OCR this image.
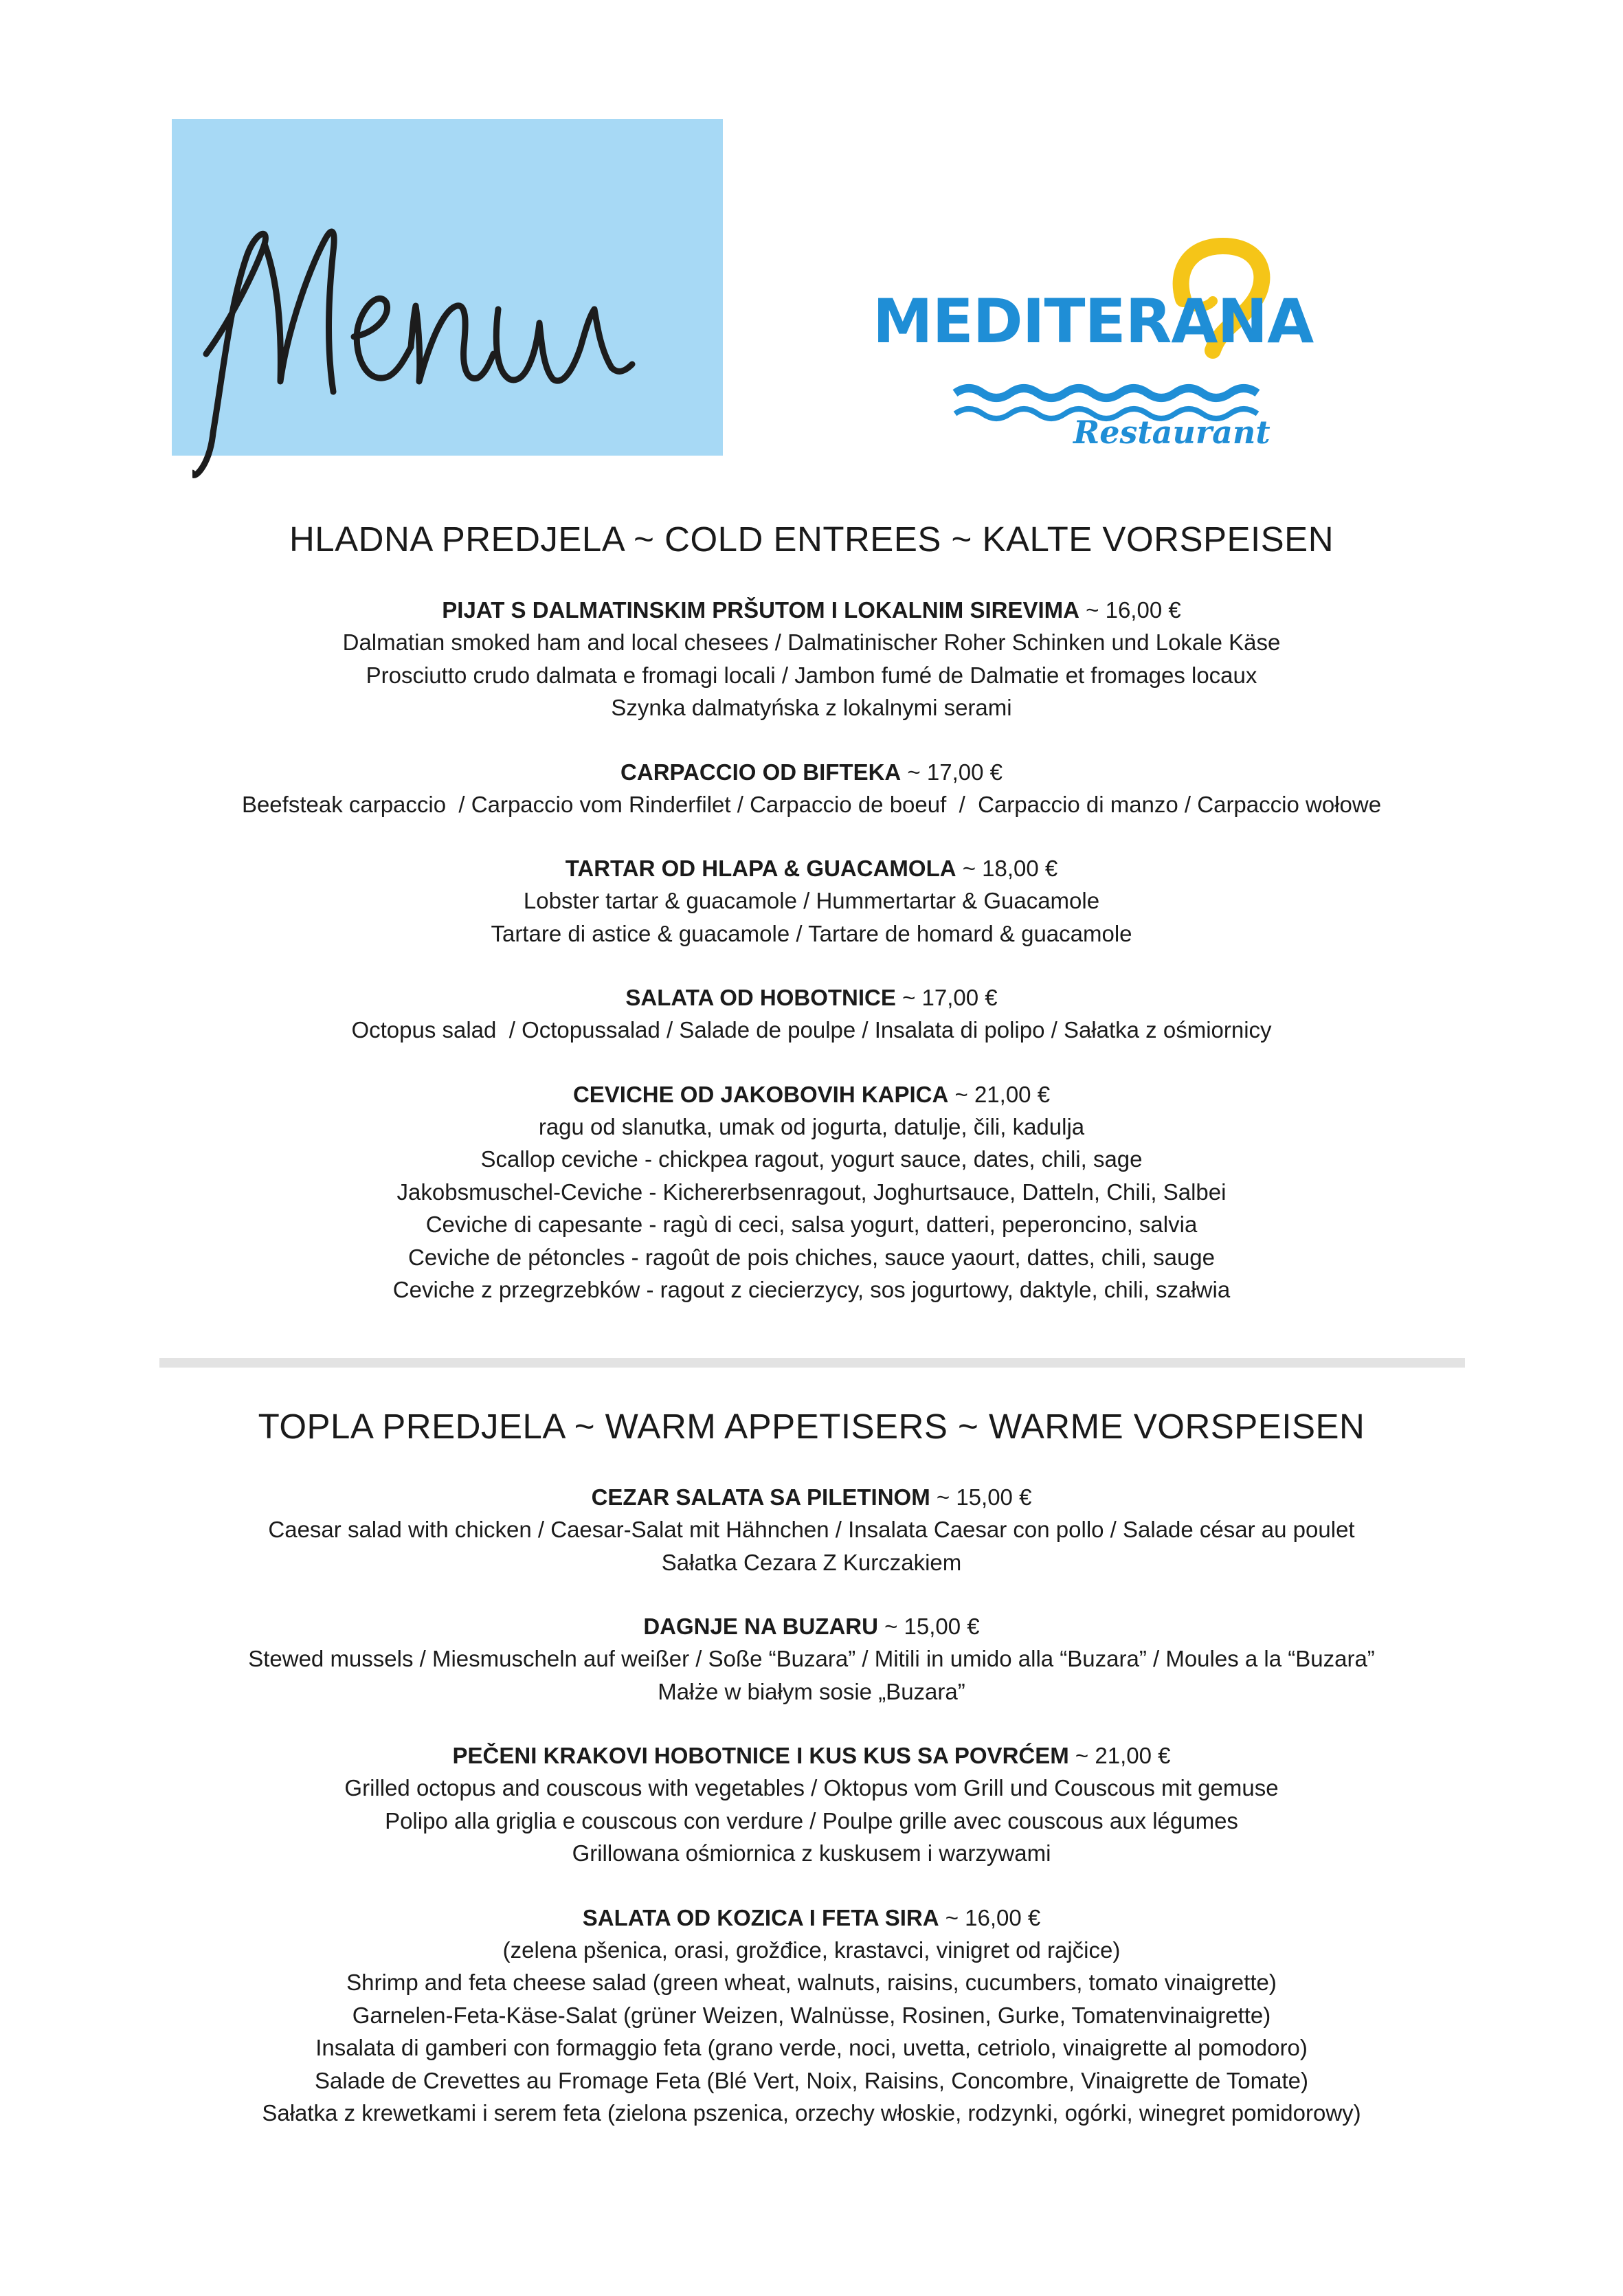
MEDITERANA
Restaurant
HLADNA PREDJELA ~ COLD ENTREES ~ KALTE VORSPEISEN
PIJAT S DALMATINSKIM PRŠUTOM I LOKALNIM SIREVIMA ~ 16,00 €
Dalmatian smoked ham and local chesees / Dalmatinischer Roher Schinken und Lokale Käse
Prosciutto crudo dalmata e fromagi locali / Jambon fumé de Dalmatie et fromages locaux
Szynka dalmatyńska z lokalnymi serami
CARPACCIO OD BIFTEKA ~ 17,00 €
Beefsteak carpaccio  / Carpaccio vom Rinderfilet / Carpaccio de boeuf  /  Carpaccio di manzo / Carpaccio wołowe
TARTAR OD HLAPA & GUACAMOLA ~ 18,00 €
Lobster tartar & guacamole / Hummertartar & Guacamole
Tartare di astice & guacamole / Tartare de homard & guacamole
SALATA OD HOBOTNICE ~ 17,00 €
Octopus salad  / Octopussalad / Salade de poulpe / Insalata di polipo / Sałatka z ośmiornicy
CEVICHE OD JAKOBOVIH KAPICA ~ 21,00 €
ragu od slanutka, umak od jogurta, datulje, čili, kadulja
Scallop ceviche - chickpea ragout, yogurt sauce, dates, chili, sage
Jakobsmuschel-Ceviche - Kichererbsenragout, Joghurtsauce, Datteln, Chili, Salbei
Ceviche di capesante - ragù di ceci, salsa yogurt, datteri, peperoncino, salvia
Ceviche de pétoncles - ragoût de pois chiches, sauce yaourt, dattes, chili, sauge
Ceviche z przegrzebków - ragout z ciecierzycy, sos jogurtowy, daktyle, chili, szałwia
TOPLA PREDJELA ~ WARM APPETISERS ~ WARME VORSPEISEN
CEZAR SALATA SA PILETINOM ~ 15,00 €
Caesar salad with chicken / Caesar-Salat mit Hähnchen / Insalata Caesar con pollo / Salade césar au poulet
Sałatka Cezara Z Kurczakiem
DAGNJE NA BUZARU ~ 15,00 €
Stewed mussels / Miesmuscheln auf weißer / Soße “Buzara” / Mitili in umido alla “Buzara” / Moules a la “Buzara”
Małże w białym sosie „Buzara”
PEČENI KRAKOVI HOBOTNICE I KUS KUS SA POVRĆEM ~ 21,00 €
Grilled octopus and couscous with vegetables / Oktopus vom Grill und Couscous mit gemuse
Polipo alla griglia e couscous con verdure / Poulpe grille avec couscous aux légumes
Grillowana ośmiornica z kuskusem i warzywami
SALATA OD KOZICA I FETA SIRA ~ 16,00 €
(zelena pšenica, orasi, grožđice, krastavci, vinigret od rajčice)
Shrimp and feta cheese salad (green wheat, walnuts, raisins, cucumbers, tomato vinaigrette)
Garnelen-Feta-Käse-Salat (grüner Weizen, Walnüsse, Rosinen, Gurke, Tomatenvinaigrette)
Insalata di gamberi con formaggio feta (grano verde, noci, uvetta, cetriolo, vinaigrette al pomodoro)
Salade de Crevettes au Fromage Feta (Blé Vert, Noix, Raisins, Concombre, Vinaigrette de Tomate)
Sałatka z krewetkami i serem feta (zielona pszenica, orzechy włoskie, rodzynki, ogórki, winegret pomidorowy)
